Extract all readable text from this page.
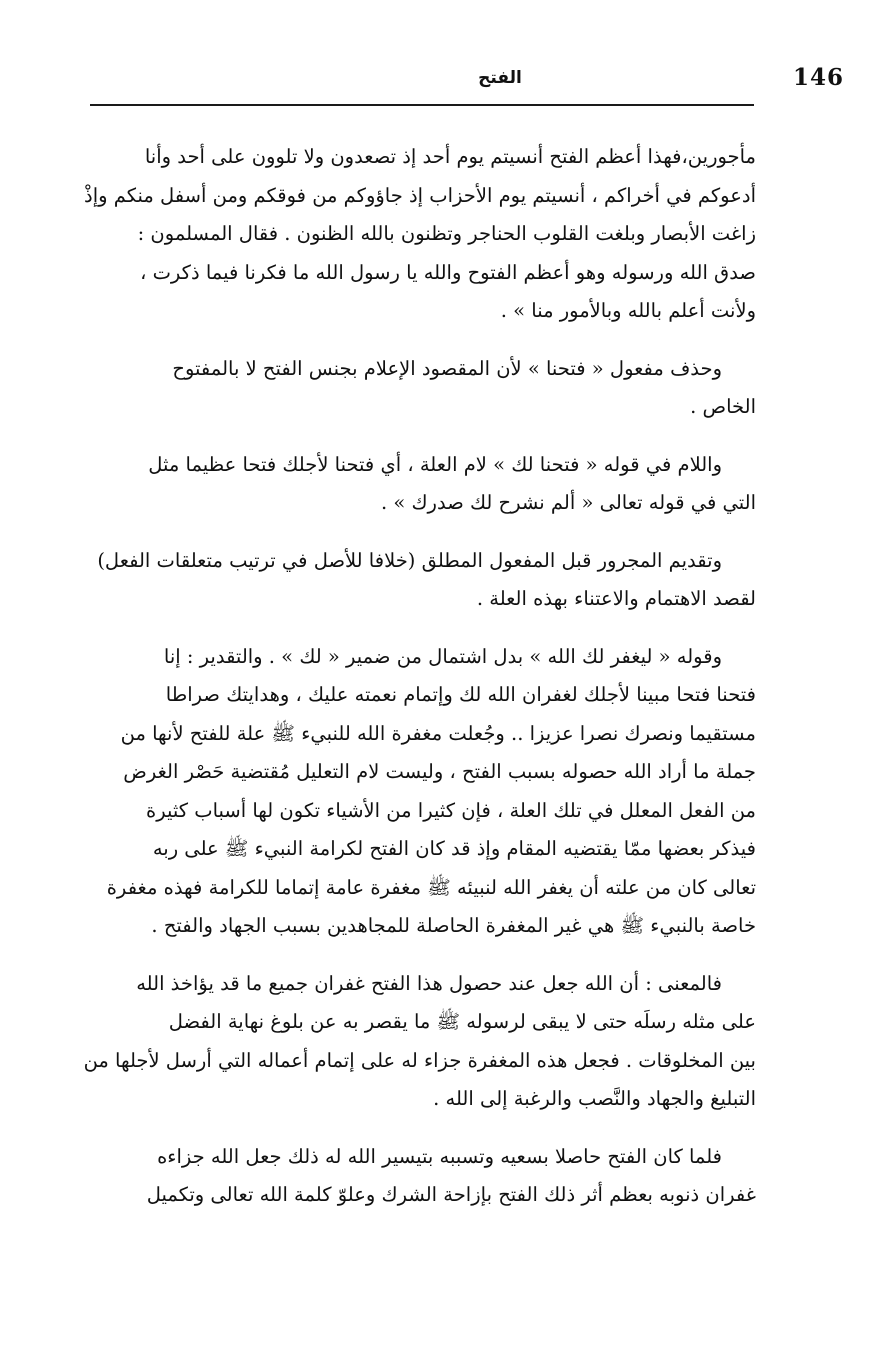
146
الفتح
مأجورين،فهذا أعظم الفتح أنسيتم يوم أحد إذ تصعدون ولا تلوون على أحد وأنا
أدعوكم في أخراكم ، أنسيتم يوم الأحزاب إذ جاؤوكم من فوقكم ومن أسفل منكم وإذْ
زاغت الأبصار وبلغت القلوب الحناجر وتظنون بالله الظنون . فقال المسلمون :
صدق الله ورسوله وهو أعظم الفتوح والله يا رسول الله ما فكرنا فيما ذكرت ،
ولأنت أعلم بالله وبالأمور منا » .
وحذف مفعول « فتحنا » لأن المقصود الإعلام بجنس الفتح لا بالمفتوح
الخاص .
واللام في قوله « فتحنا لك » لام العلة ، أي فتحنا لأجلك فتحا عظيما مثل
التي في قوله تعالى « ألم نشرح لك صدرك » .
وتقديم المجرور قبل المفعول المطلق (خلافا للأصل في ترتيب متعلقات الفعل)
لقصد الاهتمام والاعتناء بهذه العلة .
وقوله « ليغفر لك الله » بدل اشتمال من ضمير « لك » . والتقدير : إنا
فتحنا فتحا مبينا لأجلك لغفران الله لك وإتمام نعمته عليك ، وهدايتك صراطا
مستقيما ونصرك نصرا عزيزا .. وجُعلت مغفرة الله للنبيء ﷺ علة للفتح لأنها من
جملة ما أراد الله حصوله بسبب الفتح ، وليست لام التعليل مُقتضية حَصْر الغرض
من الفعل المعلل في تلك العلة ، فإن كثيرا من الأشياء تكون لها أسباب كثيرة
فيذكر بعضها ممّا يقتضيه المقام وإذ قد كان الفتح لكرامة النبيء ﷺ على ربه
تعالى كان من علته أن يغفر الله لنبيئه ﷺ مغفرة عامة إتماما للكرامة فهذه مغفرة
خاصة بالنبيء ﷺ هي غير المغفرة الحاصلة للمجاهدين بسبب الجهاد والفتح .
فالمعنى : أن الله جعل عند حصول هذا الفتح غفران جميع ما قد يؤاخذ الله
على مثله رسلَه حتى لا يبقى لرسوله ﷺ ما يقصر به عن بلوغ نهاية الفضل
بين المخلوقات . فجعل هذه المغفرة جزاء له على إتمام أعماله التي أرسل لأجلها من
التبليغ والجهاد والنَّصب والرغبة إلى الله .
فلما كان الفتح حاصلا بسعيه وتسببه بتيسير الله له ذلك جعل الله جزاءه
غفران ذنوبه بعظم أثر ذلك الفتح بإزاحة الشرك وعلوّ كلمة الله تعالى وتكميل
